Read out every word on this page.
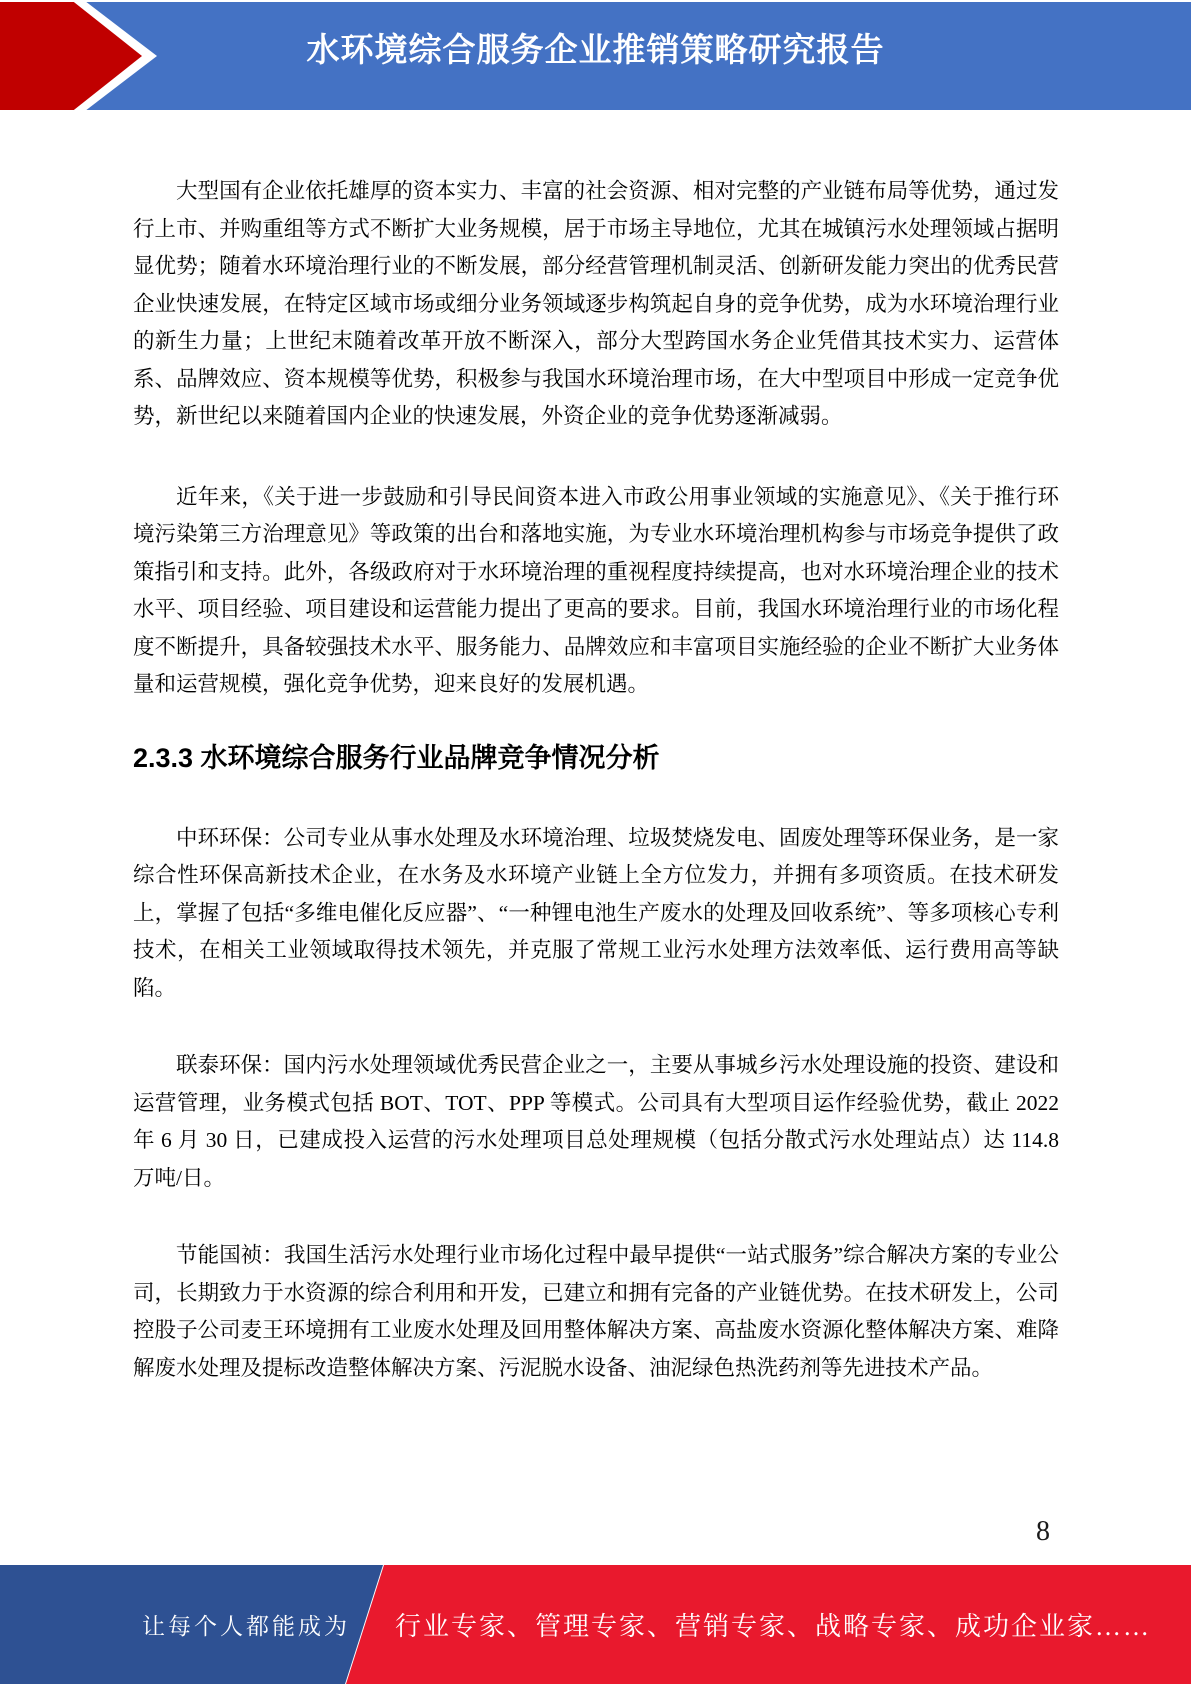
水环境综合服务企业推销策略研究报告

大型国有企业依托雄厚的资本实力、丰富的社会资源、相对完整的产业链布局等优势，通过发行上市、并购重组等方式不断扩大业务规模，居于市场主导地位，尤其在城镇污水处理领域占据明显优势；随着水环境治理行业的不断发展，部分经营管理机制灵活、创新研发能力突出的优秀民营企业快速发展，在特定区域市场或细分业务领域逐步构筑起自身的竞争优势，成为水环境治理行业的新生力量；上世纪末随着改革开放不断深入，部分大型跨国水务企业凭借其技术实力、运营体系、品牌效应、资本规模等优势，积极参与我国水环境治理市场，在大中型项目中形成一定竞争优势，新世纪以来随着国内企业的快速发展，外资企业的竞争优势逐渐减弱。

近年来，《关于进一步鼓励和引导民间资本进入市政公用事业领域的实施意见》、《关于推行环境污染第三方治理意见》等政策的出台和落地实施，为专业水环境治理机构参与市场竞争提供了政策指引和支持。此外，各级政府对于水环境治理的重视程度持续提高，也对水环境治理企业的技术水平、项目经验、项目建设和运营能力提出了更高的要求。目前，我国水环境治理行业的市场化程度不断提升，具备较强技术水平、服务能力、品牌效应和丰富项目实施经验的企业不断扩大业务体量和运营规模，强化竞争优势，迎来良好的发展机遇。

2.3.3 水环境综合服务行业品牌竞争情况分析

中环环保：公司专业从事水处理及水环境治理、垃圾焚烧发电、固废处理等环保业务，是一家综合性环保高新技术企业，在水务及水环境产业链上全方位发力，并拥有多项资质。在技术研发上，掌握了包括“多维电催化反应器”、“一种锂电池生产废水的处理及回收系统”、等多项核心专利技术，在相关工业领域取得技术领先，并克服了常规工业污水处理方法效率低、运行费用高等缺陷。

联泰环保：国内污水处理领域优秀民营企业之一，主要从事城乡污水处理设施的投资、建设和运营管理，业务模式包括 BOT、TOT、PPP 等模式。公司具有大型项目运作经验优势，截止 2022 年 6 月 30 日，已建成投入运营的污水处理项目总处理规模（包括分散式污水处理站点）达 114.8 万吨/日。

节能国祯：我国生活污水处理行业市场化过程中最早提供“一站式服务”综合解决方案的专业公司，长期致力于水资源的综合利用和开发，已建立和拥有完备的产业链优势。在技术研发上，公司控股子公司麦王环境拥有工业废水处理及回用整体解决方案、高盐废水资源化整体解决方案、难降解废水处理及提标改造整体解决方案、污泥脱水设备、油泥绿色热洗药剂等先进技术产品。

8
让每个人都能成为 行业专家、管理专家、营销专家、战略专家、成功企业家……
